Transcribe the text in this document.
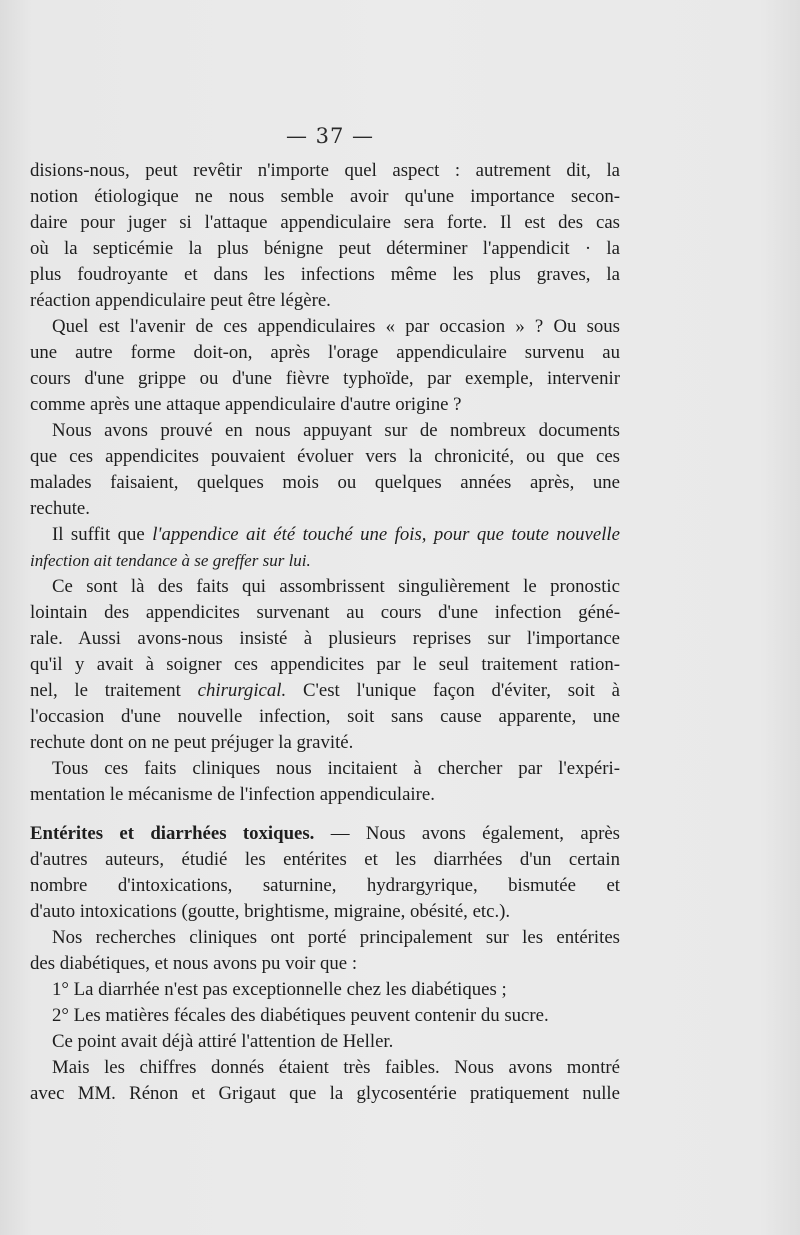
— 37 —
disions-nous, peut revêtir n'importe quel aspect : autrement dit, la
notion étiologique ne nous semble avoir qu'une importance secon-
daire pour juger si l'attaque appendiculaire sera forte. Il est des cas
où la septicémie la plus bénigne peut déterminer l'appendicit · la
plus foudroyante et dans les infections même les plus graves, la
réaction appendiculaire peut être légère.
Quel est l'avenir de ces appendiculaires « par occasion » ? Ou sous
une autre forme doit-on, après l'orage appendiculaire survenu au
cours d'une grippe ou d'une fièvre typhoïde, par exemple, intervenir
comme après une attaque appendiculaire d'autre origine ?
Nous avons prouvé en nous appuyant sur de nombreux documents
que ces appendicites pouvaient évoluer vers la chronicité, ou que ces
malades faisaient, quelques mois ou quelques années après, une
rechute.
Il suffit que l'appendice ait été touché une fois, pour que toute nouvelle
infection ait tendance à se greffer sur lui.
Ce sont là des faits qui assombrissent singulièrement le pronostic
lointain des appendicites survenant au cours d'une infection géné-
rale. Aussi avons-nous insisté à plusieurs reprises sur l'importance
qu'il y avait à soigner ces appendicites par le seul traitement ration-
nel, le traitement chirurgical. C'est l'unique façon d'éviter, soit à
l'occasion d'une nouvelle infection, soit sans cause apparente, une
rechute dont on ne peut préjuger la gravité.
Tous ces faits cliniques nous incitaient à chercher par l'expéri-
mentation le mécanisme de l'infection appendiculaire.
Entérites et diarrhées toxiques. — Nous avons également, après
d'autres auteurs, étudié les entérites et les diarrhées d'un certain
nombre d'intoxications, saturnine, hydrargyrique, bismutée et
d'auto intoxications (goutte, brightisme, migraine, obésité, etc.).
Nos recherches cliniques ont porté principalement sur les entérites
des diabétiques, et nous avons pu voir que :
1° La diarrhée n'est pas exceptionnelle chez les diabétiques ;
2° Les matières fécales des diabétiques peuvent contenir du sucre.
Ce point avait déjà attiré l'attention de Heller.
Mais les chiffres donnés étaient très faibles. Nous avons montré
avec MM. Rénon et Grigaut que la glycosentérie pratiquement nulle
